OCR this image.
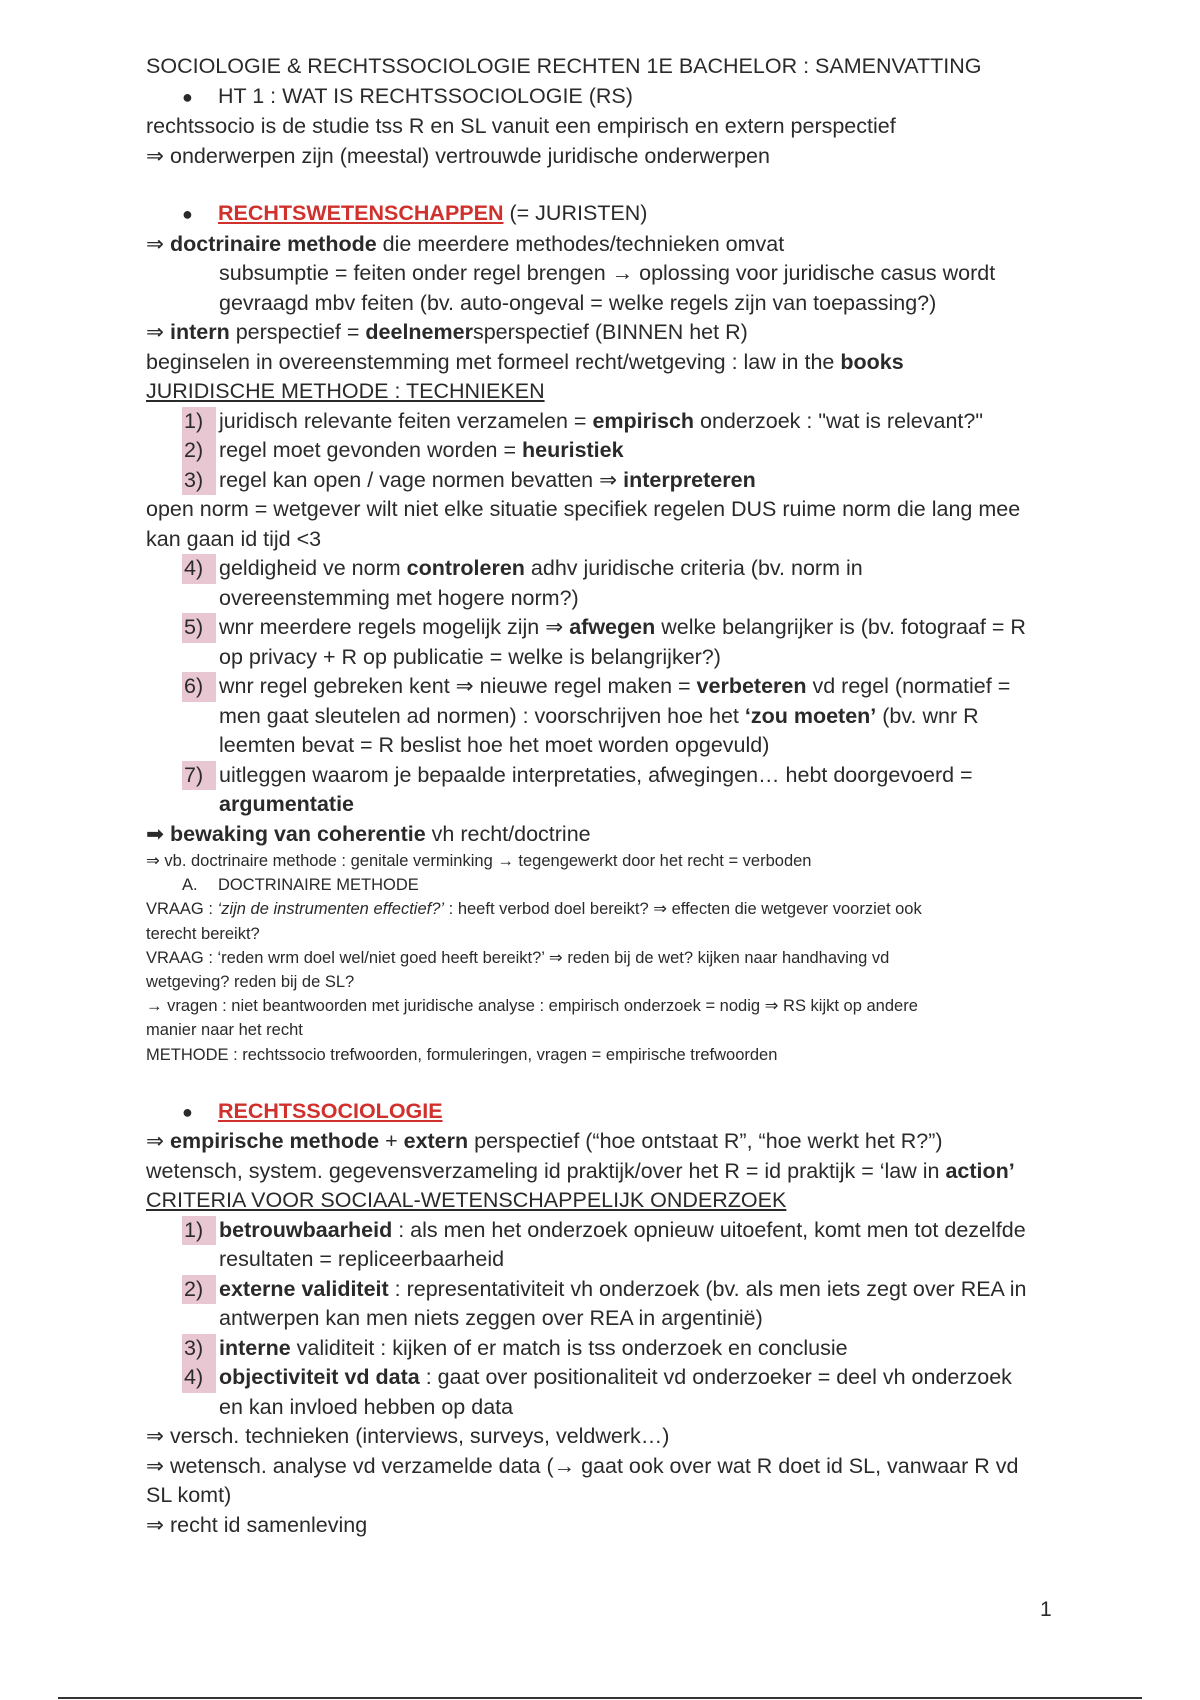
SOCIOLOGIE & RECHTSSOCIOLOGIE RECHTEN 1E BACHELOR : SAMENVATTING
● HT 1 : WAT IS RECHTSSOCIOLOGIE (RS)
rechtssocio is de studie tss R en SL vanuit een empirisch en extern perspectief
⇒ onderwerpen zijn (meestal) vertrouwde juridische onderwerpen
● RECHTSWETENSCHAPPEN (= JURISTEN)
⇒ doctrinaire methode die meerdere methodes/technieken omvat
subsumptie = feiten onder regel brengen → oplossing voor juridische casus wordt
gevraagd mbv feiten (bv. auto-ongeval = welke regels zijn van toepassing?)
⇒ intern perspectief = deelnemersperspectief (BINNEN het R)
beginselen in overeenstemming met formeel recht/wetgeving : law in the books
JURIDISCHE METHODE : TECHNIEKEN
1) juridisch relevante feiten verzamelen = empirisch onderzoek : "wat is relevant?"
2) regel moet gevonden worden = heuristiek
3) regel kan open / vage normen bevatten ⇒ interpreteren
open norm = wetgever wilt niet elke situatie specifiek regelen DUS ruime norm die lang mee
kan gaan id tijd <3
4) geldigheid ve norm controleren adhv juridische criteria (bv. norm in
overeenstemming met hogere norm?)
5) wnr meerdere regels mogelijk zijn ⇒ afwegen welke belangrijker is (bv. fotograaf = R
op privacy + R op publicatie = welke is belangrijker?)
6) wnr regel gebreken kent ⇒ nieuwe regel maken = verbeteren vd regel (normatief =
men gaat sleutelen ad normen) : voorschrijven hoe het ‘zou moeten’ (bv. wnr R
leemten bevat = R beslist hoe het moet worden opgevuld)
7) uitleggen waarom je bepaalde interpretaties, afwegingen… hebt doorgevoerd =
argumentatie
➡ bewaking van coherentie vh recht/doctrine
⇒ vb. doctrinaire methode : genitale verminking → tegengewerkt door het recht = verboden
A. DOCTRINAIRE METHODE
VRAAG : ‘zijn de instrumenten effectief?’ : heeft verbod doel bereikt? ⇒ effecten die wetgever voorziet ook
terecht bereikt?
VRAAG : ‘reden wrm doel wel/niet goed heeft bereikt?’ ⇒ reden bij de wet? kijken naar handhaving vd
wetgeving? reden bij de SL?
→ vragen : niet beantwoorden met juridische analyse : empirisch onderzoek = nodig ⇒ RS kijkt op andere
manier naar het recht
METHODE : rechtssocio trefwoorden, formuleringen, vragen = empirische trefwoorden
● RECHTSSOCIOLOGIE
⇒ empirische methode + extern perspectief (“hoe ontstaat R”, “hoe werkt het R?”)
wetensch, system. gegevensverzameling id praktijk/over het R = id praktijk = ‘law in action’
CRITERIA VOOR SOCIAAL-WETENSCHAPPELIJK ONDERZOEK
1) betrouwbaarheid : als men het onderzoek opnieuw uitoefent, komt men tot dezelfde
resultaten = repliceerbaarheid
2) externe validiteit : representativiteit vh onderzoek (bv. als men iets zegt over REA in
antwerpen kan men niets zeggen over REA in argentinië)
3) interne validiteit : kijken of er match is tss onderzoek en conclusie
4) objectiviteit vd data : gaat over positionaliteit vd onderzoeker = deel vh onderzoek
en kan invloed hebben op data
⇒ versch. technieken (interviews, surveys, veldwerk…)
⇒ wetensch. analyse vd verzamelde data (→ gaat ook over wat R doet id SL, vanwaar R vd
SL komt)
⇒ recht id samenleving
1
